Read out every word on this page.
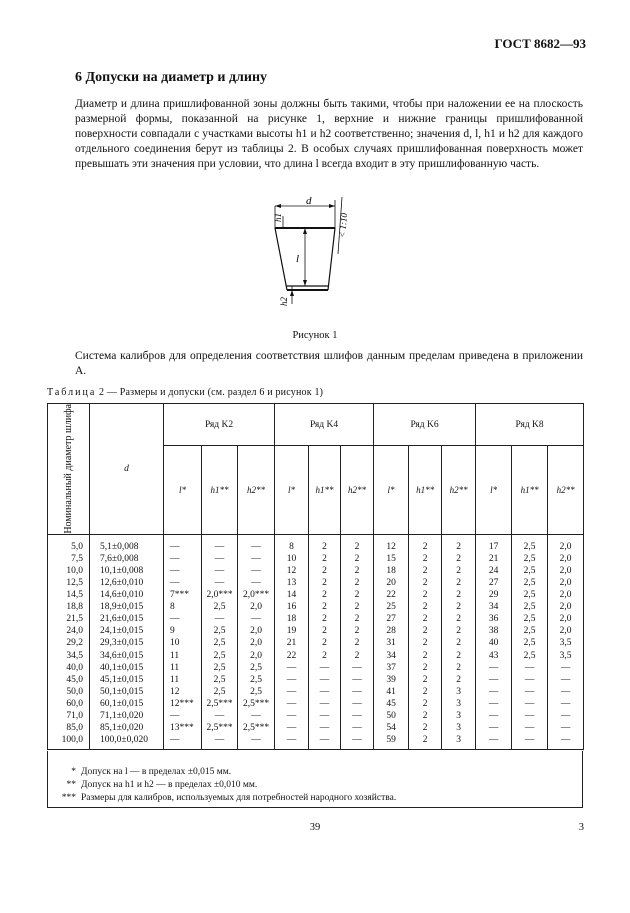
ГОСТ 8682—93
6 Допуски на диаметр и длину

Диаметр и длина пришлифованной зоны должны быть такими, чтобы при наложении ее на плоскость размерной формы, показанной на рисунке 1, верхние и нижние границы пришлифованной поверхности совпадали с участками высоты h1 и h2 соответственно; значения d, l, h1 и h2 для каждого отдельного соединения берут из таблицы 2. В особых случаях пришлифованная поверхность может превышать эти значения при условии, что длина l всегда входит в эту пришлифованную часть.

d
h1
l
h2
< 1:10
Рисунок 1

Система калибров для определения соответствия шлифов данным пределам приведена в приложении А.

Таблица 2 — Размеры и допуски (см. раздел 6 и рисунок 1)
Номинальный диаметр шлифа	d	Ряд K2			Ряд K4			Ряд K6			Ряд K8		
		l*	h1**	h2**	l*	h1**	h2**	l*	h1**	h2**	l*	h1**	h2**

5,0	5,1±0,008	—	—	—	8	2	2	12	2	2	17	2,5	2,0
7,5	7,6±0,008	—	—	—	10	2	2	15	2	2	21	2,5	2,0
10,0	10,1±0,008	—	—	—	12	2	2	18	2	2	24	2,5	2,0
12,5	12,6±0,010	—	—	—	13	2	2	20	2	2	27	2,5	2,0
14,5	14,6±0,010	7***	2,0***	2,0***	14	2	2	22	2	2	29	2,5	2,0
18,8	18,9±0,015	8	2,5	2,0	16	2	2	25	2	2	34	2,5	2,0
21,5	21,6±0,015	—	—	—	18	2	2	27	2	2	36	2,5	2,0
24,0	24,1±0,015	9	2,5	2,0	19	2	2	28	2	2	38	2,5	2,0
29,2	29,3±0,015	10	2,5	2,0	21	2	2	31	2	2	40	2,5	3,5
34,5	34,6±0,015	11	2,5	2,0	22	2	2	34	2	2	43	2,5	3,5
40,0	40,1±0,015	11	2,5	2,5	—	—	—	37	2	2	—	—	—
45,0	45,1±0,015	11	2,5	2,5	—	—	—	39	2	2	—	—	—
50,0	50,1±0,015	12	2,5	2,5	—	—	—	41	2	3	—	—	—
60,0	60,1±0,015	12***	2,5***	2,5***	—	—	—	45	2	3	—	—	—
71,0	71,1±0,020	—	—	—	—	—	—	50	2	3	—	—	—
85,0	85,1±0,020	13***	2,5***	2,5***	—	—	—	54	2	3	—	—	—
100,0	100,0±0,020	—	—	—	—	—	—	59	2	3	—	—	—
* Допуск на l — в пределах ±0,015 мм.
** Допуск на h1 и h2 — в пределах ±0,010 мм.
*** Размеры для калибров, используемых для потребностей народного хозяйства.
39	3
